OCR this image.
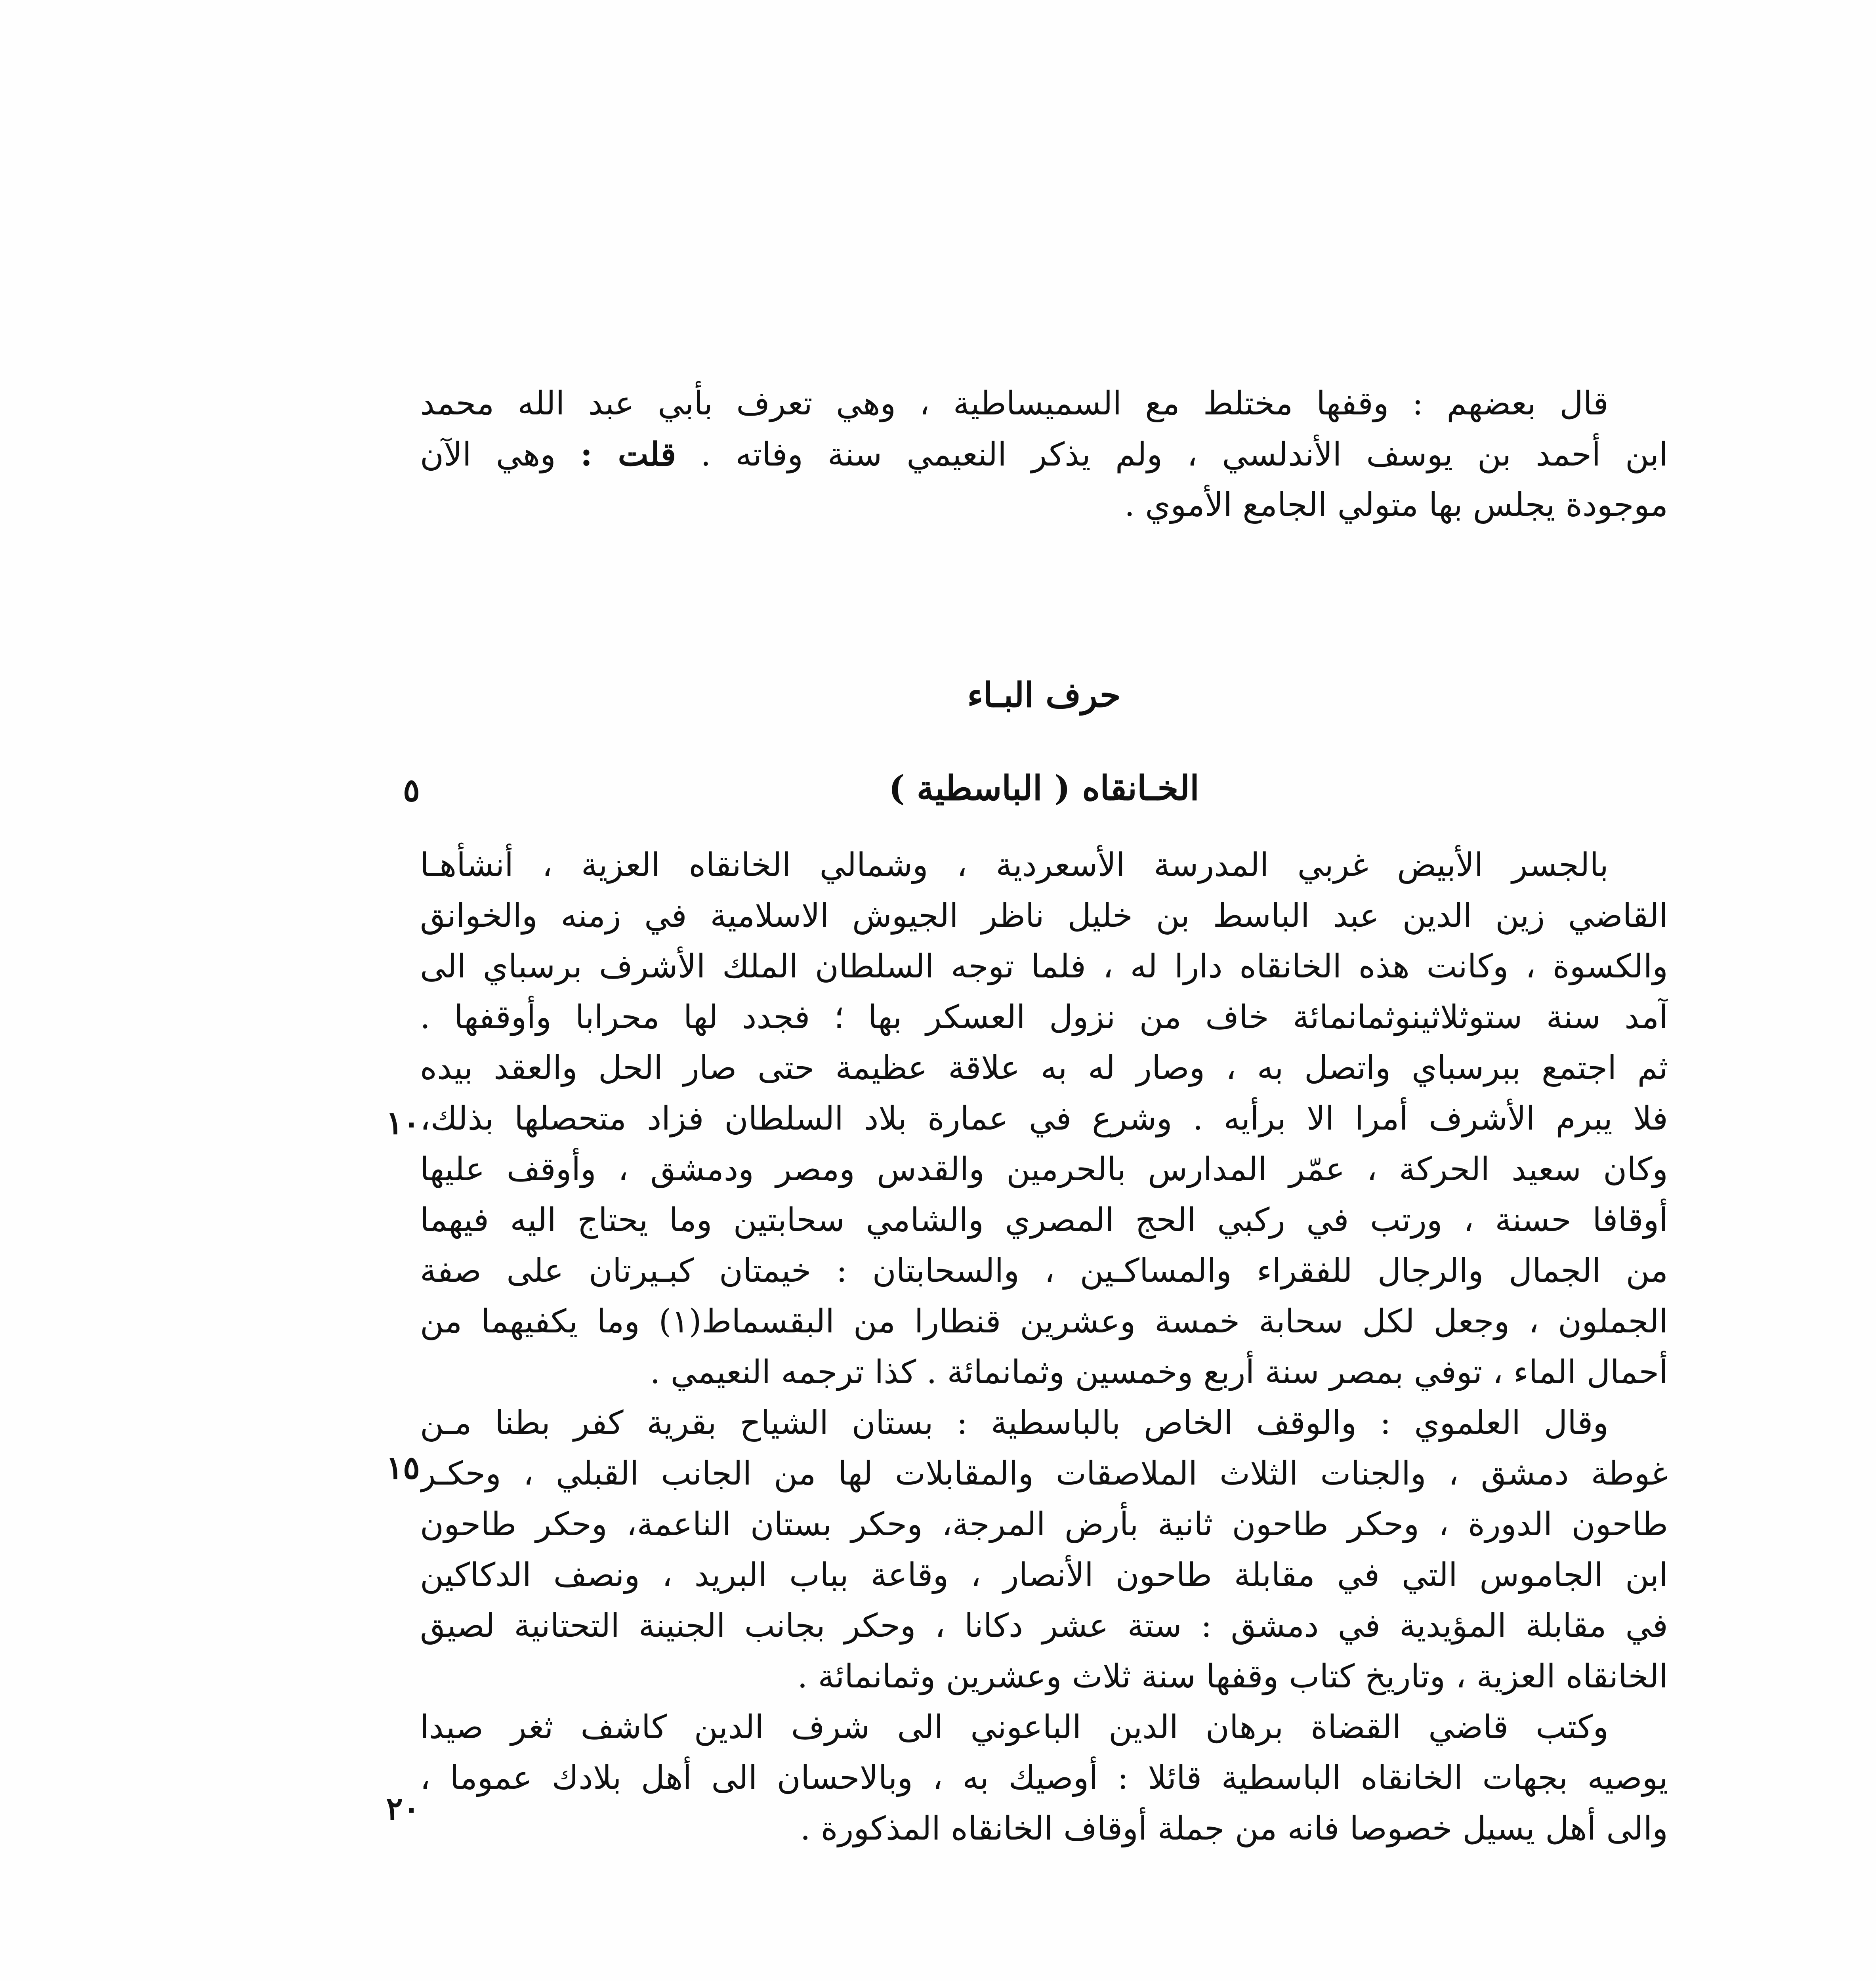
قال بعضهم : وقفها مختلط مع السميساطية ، وهي تعرف بأبي عبد الله محمد
ابن أحمد بن يوسف الأندلسي ، ولم يذكر النعيمي سنة وفاته . قلت : وهي الآن
موجودة يجلس بها متولي الجامع الأموي .
حرف البـاء
الخـانقاه ( الباسطية )
٥
١٠
١٥
٢٠
بالجسر الأبيض غربي المدرسة الأسعردية ، وشمالي الخانقاه العزية ، أنشأهـا
القاضي زين الدين عبد الباسط بن خليل ناظر الجيوش الاسلامية في زمنه والخوانق
والكسوة ، وكانت هذه الخانقاه دارا له ، فلما توجه السلطان الملك الأشرف برسباي الى
آمد سنة ستوثلاثينوثمانمائة خاف من نزول العسكر بها ؛ فجدد لها محرابا وأوقفها .
ثم اجتمع ببرسباي واتصل به ، وصار له به علاقة عظيمة حتى صار الحل والعقد بيده
فلا يبرم الأشرف أمرا الا برأيه . وشرع في عمارة بلاد السلطان فزاد متحصلها بذلك،
وكان سعيد الحركة ، عمّر المدارس بالحرمين والقدس ومصر ودمشق ، وأوقف عليها
أوقافا حسنة ، ورتب في ركبي الحج المصري والشامي سحابتين وما يحتاج اليه فيهما
من الجمال والرجال للفقراء والمساكـين ، والسحابتان : خيمتان كبـيرتان على صفة
الجملون ، وجعل لكل سحابة خمسة وعشرين قنطارا من البقسماط(١) وما يكفيهما من
أحمال الماء ، توفي بمصر سنة أربع وخمسين وثمانمائة . كذا ترجمه النعيمي .
وقال العلموي : والوقف الخاص بالباسطية : بستان الشياح بقرية كفر بطنا مـن
غوطة دمشق ، والجنات الثلاث الملاصقات والمقابلات لها من الجانب القبلي ، وحكـر
طاحون الدورة ، وحكر طاحون ثانية بأرض المرجة، وحكر بستان الناعمة، وحكر طاحون
ابن الجاموس التي في مقابلة طاحون الأنصار ، وقاعة بباب البريد ، ونصف الدكاكين
في مقابلة المؤيدية في دمشق : ستة عشر دكانا ، وحكر بجانب الجنينة التحتانية لصيق
الخانقاه العزية ، وتاريخ كتاب وقفها سنة ثلاث وعشرين وثمانمائة .
وكتب قاضي القضاة برهان الدين الباعوني الى شرف الدين كاشف ثغر صيدا
يوصيه بجهات الخانقاه الباسطية قائلا : أوصيك به ، وبالاحسان الى أهل بلادك عموما ،
والى أهل يسيل خصوصا فانه من جملة أوقاف الخانقاه المذكورة .
